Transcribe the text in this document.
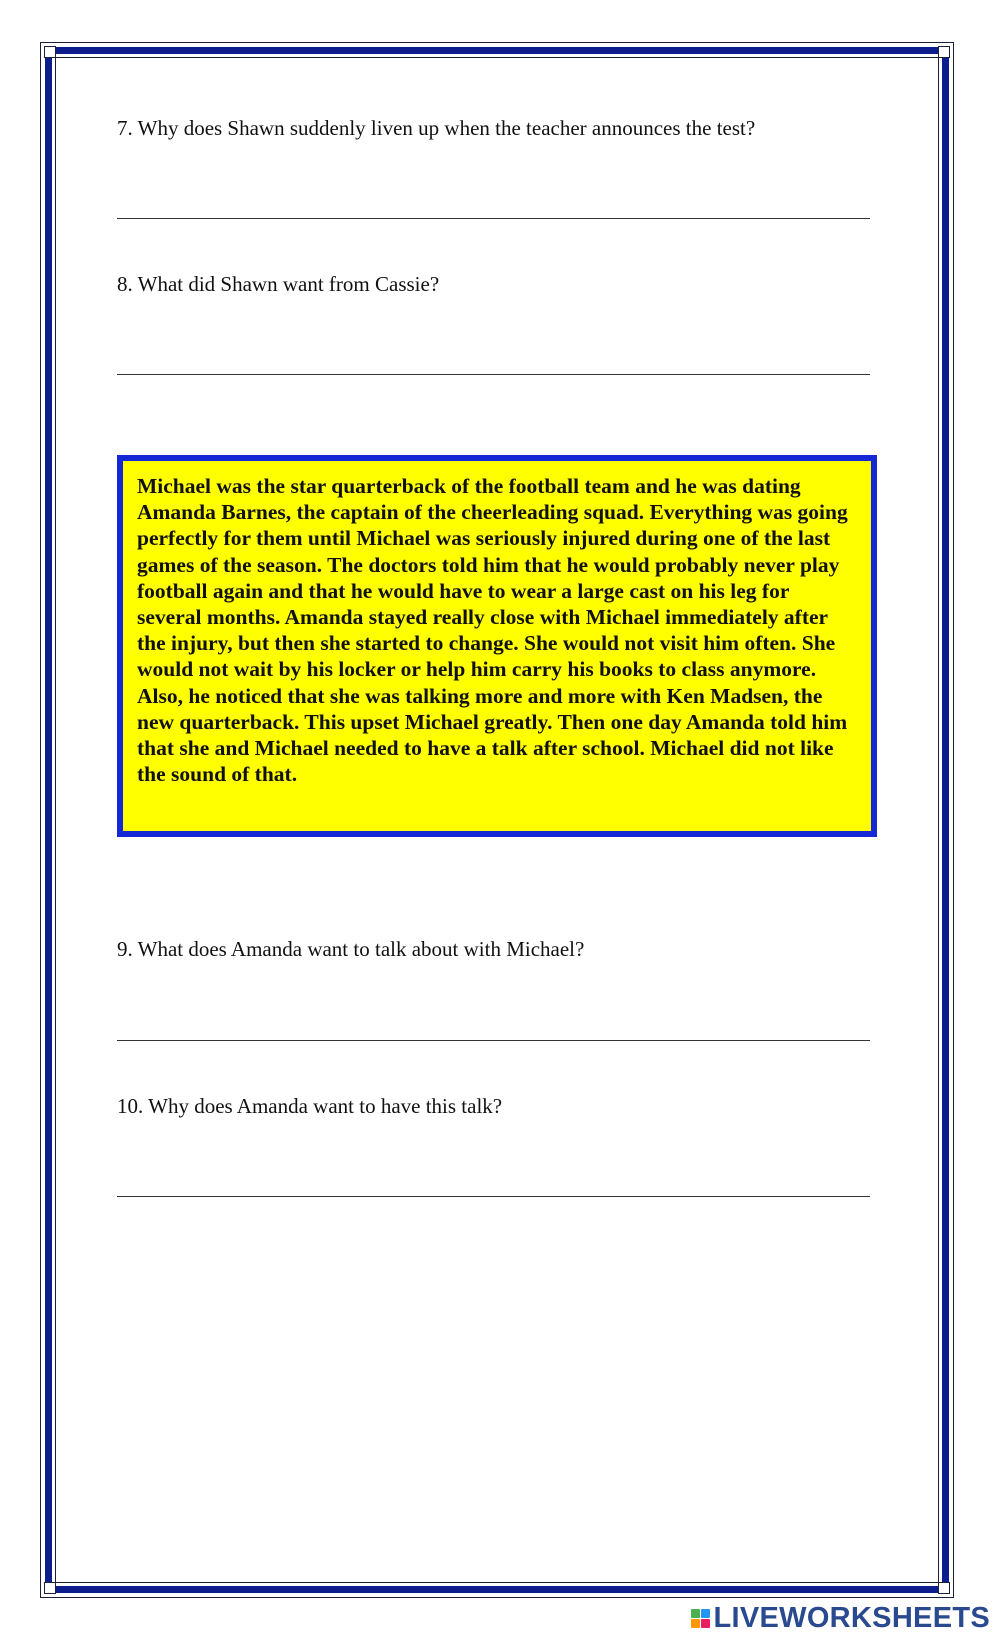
7. Why does Shawn suddenly liven up when the teacher announces the test?
8. What did Shawn want from Cassie?

Michael was the star quarterback of the football team and he was dating Amanda Barnes, the captain of the cheerleading squad. Everything was going perfectly for them until Michael was seriously injured during one of the last games of the season. The doctors told him that he would probably never play football again and that he would have to wear a large cast on his leg for several months. Amanda stayed really close with Michael immediately after the injury, but then she started to change. She would not visit him often. She would not wait by his locker or help him carry his books to class anymore. Also, he noticed that she was talking more and more with Ken Madsen, the new quarterback. This upset Michael greatly. Then one day Amanda told him that she and Michael needed to have a talk after school. Michael did not like the sound of that.

9. What does Amanda want to talk about with Michael?
10. Why does Amanda want to have this talk?
LIVEWORKSHEETS
